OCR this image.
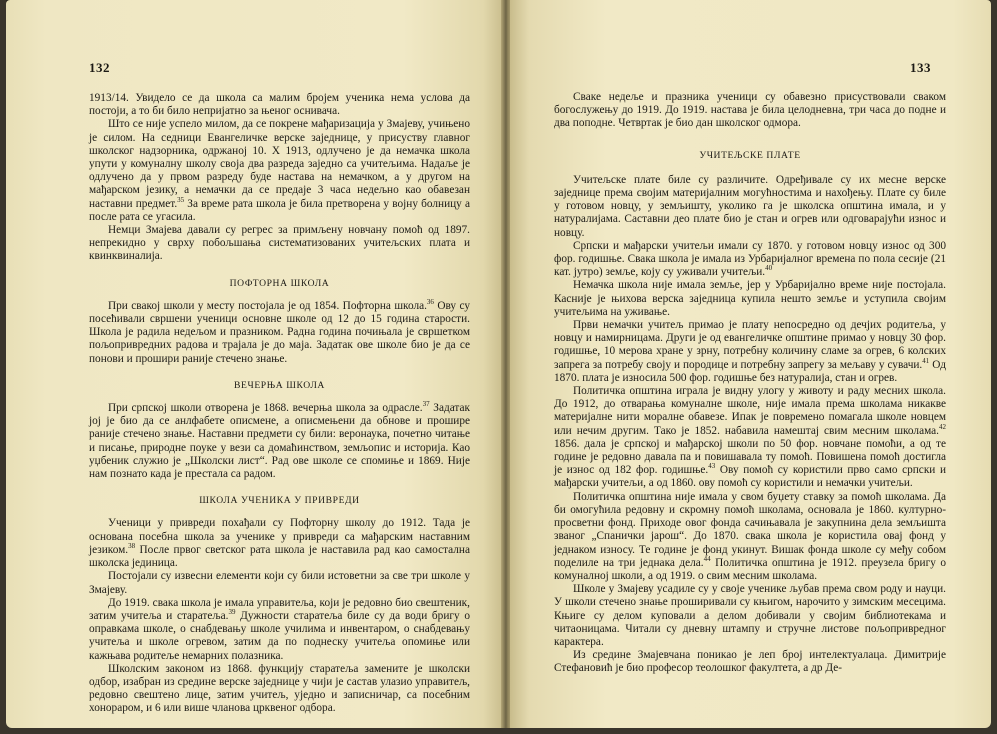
132

1913/14. Увидело се да школа са малим бројем ученика нема услова да постоји, а то би било непријатно за њеног оснивача.

Што се није успело милом, да се покрене мађаризација у Змајеву, учињено је силом. На седници Евангеличке верске заједнице, у присуству главног школског надзорника, одржаној 10. X 1913, одлучено је да немачка школа упути у комуналну школу своја два разреда заједно са учитељима. Надаље је одлучено да у првом разреду буде настава на немачком, а у другом на мађарском језику, а немачки да се предаје 3 часа недељно као обавезан наставни предмет.$^{35}$ За време рата школа је била претворена у војну болницу а после рата се угасила.

Немци Змајева давали су регрес за примљену новчану помоћ од 1897. непрекидно у сврху побољшања систематизованих учитељских плата и квинквиналија.

ПОФТОРНА ШКОЛА

При свакој школи у месту постојала је од 1854. Пофторна школа.$^{36}$ Ову су посећивали свршени ученици основне школе од 12 до 15 година старости. Школа је радила недељом и празником. Радна година почињала је свршетком пољопривредних радова и трајала је до маја. Задатак ове школе био је да се понови и прошири раније стечено знање.

ВЕЧЕРЊА ШКОЛА

При српској школи отворена је 1868. вечерња школа за одрасле.$^{37}$ Задатак јој је био да се анлфабете описмене, а описмењени да обнове и прошире раније стечено знање. Наставни предмети су били: веронаука, почетно читање и писање, природне поуке у вези са домаћинством, земљопис и историја. Као уџбеник служио је „Школски лист“. Рад ове школе се спомиње и 1869. Није нам познато када је престала са радом.

ШКОЛА УЧЕНИКА У ПРИВРЕДИ

Ученици у привреди похађали су Пофторну школу до 1912. Тада је основана посебна школа за ученике у привреди са мађарским наставним језиком.$^{38}$ После првог светског рата школа је наставила рад као самостална школска јединица.

Постојали су извесни елементи који су били истоветни за све три школе у Змајеву.

До 1919. свака школа је имала управитеља, који је редовно био свештеник, затим учитеља и старатеља.$^{39}$ Дужности старатеља биле су да води бригу о оправкама школе, о снабдевању школе училима и инвентаром, о снабдевању учитеља и школе огревом, затим да по поднеску учитеља опомиње или кажњава родитеље немарних полазника.

Школским законом из 1868. функцију старатеља замените је школски одбор, изабран из средине верске заједнице у чији је састав улазио управитељ, редовно свештено лице, затим учитељ, уједно и записничар, са посебним хонораром, и 6 или више чланова црквеног одбора.

133

Сваке недеље и празника ученици су обавезно присуствовали сваком богослужењу до 1919. До 1919. настава је била целодневна, три часа до подне и два поподне. Четвртак је био дан школског одмора.

УЧИТЕЉСКЕ ПЛАТЕ

Учитељске плате биле су различите. Одређивале су их месне верске заједнице према својим материјалним могућностима и нахођењу. Плате су биле у готовом новцу, у земљишту, уколико га је школска општина имала, и у натуралијама. Саставни део плате био је стан и огрев или одговарајући износ и новцу.

Српски и мађарски учитељи имали су 1870. у готовом новцу износ од 300 фор. годишње. Свака школа је имала из Урбаријалног времена по пола сесије (21 кат. јутро) земље, коју су уживали учитељи.$^{40}$

Немачка школа није имала земље, јер у Урбаријално време није постојала. Касније је њихова верска заједница купила нешто земље и уступила својим учитељима на уживање.

Први немачки учитељ примао је плату непосредно од дечјих родитеља, у новцу и намирницама. Други је од евангеличке општине примао у новцу 30 фор. годишње, 10 мерова хране у зрну, потребну количину сламе за огрев, 6 колских запрега за потребу своју и породице и потребну запрегу за мељаву у сувачи.$^{41}$ Од 1870. плата је износила 500 фор. годишње без натуралија, стан и огрев.

Политичка општина играла је видну улогу у животу и раду месних школа. До 1912, до отварања комуналне школе, није имала према школама никакве материјалне нити моралне обавезе. Ипак је повремено помагала школе новцем или нечим другим. Тако је 1852. набавила намештај свим месним школама.$^{42}$ 1856. дала је српској и мађарској школи по 50 фор. новчане помоћи, а од те године је редовно давала па и повишавала ту помоћ. Повишена помоћ достигла је износ од 182 фор. годишње.$^{43}$ Ову помоћ су користили прво само српски и мађарски учитељи, а од 1860. ову помоћ су користили и немачки учитељи.

Политичка општина није имала у свом буџету ставку за помоћ школама. Да би омогућила редовну и скромну помоћ школама, основала је 1860. културно-просветни фонд. Приходе овог фонда сачињавала је закупнина дела земљишта званог „Спанички јарош“. До 1870. свака школа је користила овај фонд у једнаком износу. Те године је фонд укинут. Вишак фонда школе су међу собом поделиле на три једнака дела.$^{44}$ Политичка општина је 1912. преузела бригу о комуналној школи, а од 1919. о свим месним школама.

Школе у Змајеву усадиле су у своје ученике љубав према свом роду и науци. У школи стечено знање проширивали су књигом, нарочито у зимским месецима. Књиге су делом куповали а делом добивали у својим библиотекама и читаоницама. Читали су дневну штампу и стручне листове пољопривредног карактера.

Из средине Змајевчана поникао је леп број интелектуалаца. Димитрије Стефановић је био професор теолошког факултета, а др Де-
